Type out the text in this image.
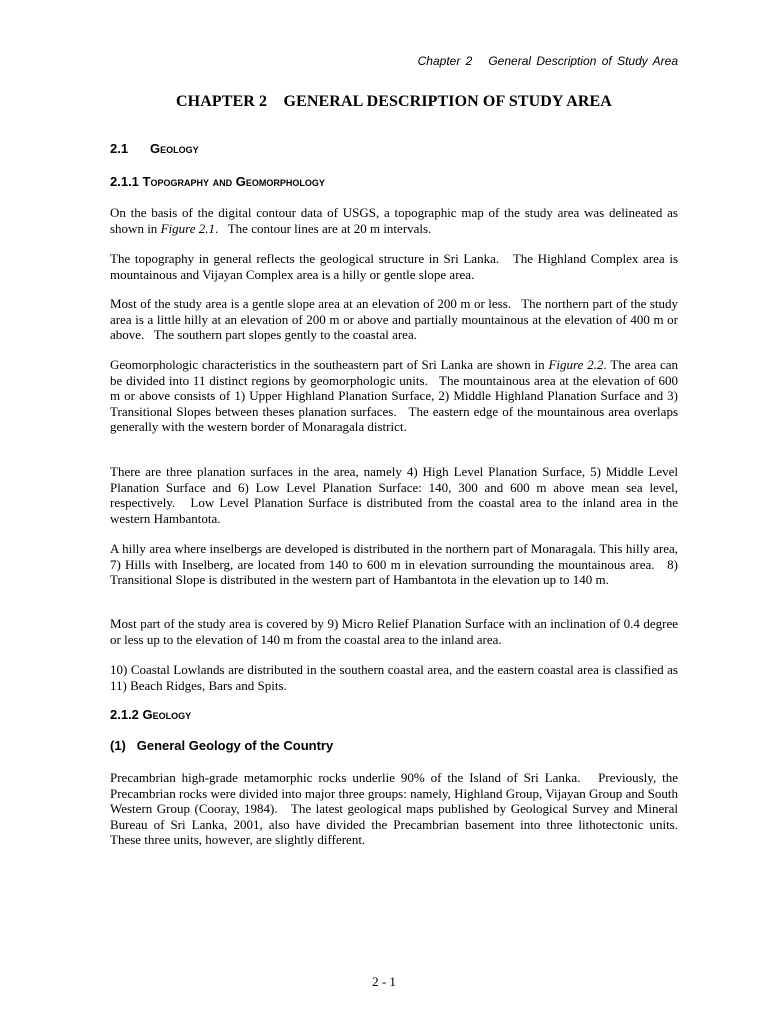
Chapter 2   General Description of Study Area
CHAPTER 2    GENERAL DESCRIPTION OF STUDY AREA
2.1 Geology
2.1.1 Topography and Geomorphology

On the basis of the digital contour data of USGS, a topographic map of the study area was delineated as shown in Figure 2.1.   The contour lines are at 20 m intervals.

The topography in general reflects the geological structure in Sri Lanka.   The Highland Complex area is mountainous and Vijayan Complex area is a hilly or gentle slope area.

Most of the study area is a gentle slope area at an elevation of 200 m or less.   The northern part of the study area is a little hilly at an elevation of 200 m or above and partially mountainous at the elevation of 400 m or above.   The southern part slopes gently to the coastal area.

Geomorphologic characteristics in the southeastern part of Sri Lanka are shown in Figure 2.2. The area can be divided into 11 distinct regions by geomorphologic units.   The mountainous area at the elevation of 600 m or above consists of 1) Upper Highland Planation Surface, 2) Middle Highland Planation Surface and 3) Transitional Slopes between theses planation surfaces.   The eastern edge of the mountainous area overlaps generally with the western border of Monaragala district.

There are three planation surfaces in the area, namely 4) High Level Planation Surface, 5) Middle Level Planation Surface and 6) Low Level Planation Surface: 140, 300 and 600 m above mean sea level, respectively.   Low Level Planation Surface is distributed from the coastal area to the inland area in the western Hambantota.

A hilly area where inselbergs are developed is distributed in the northern part of Monaragala. This hilly area, 7) Hills with Inselberg, are located from 140 to 600 m in elevation surrounding the mountainous area.   8) Transitional Slope is distributed in the western part of Hambantota in the elevation up to 140 m.

Most part of the study area is covered by 9) Micro Relief Planation Surface with an inclination of 0.4 degree or less up to the elevation of 140 m from the coastal area to the inland area.

10) Coastal Lowlands are distributed in the southern coastal area, and the eastern coastal area is classified as 11) Beach Ridges, Bars and Spits.

2.1.2 Geology
(1)   General Geology of the Country

Precambrian high-grade metamorphic rocks underlie 90% of the Island of Sri Lanka.   Previously, the Precambrian rocks were divided into major three groups: namely, Highland Group, Vijayan Group and South Western Group (Cooray, 1984).   The latest geological maps published by Geological Survey and Mineral Bureau of Sri Lanka, 2001, also have divided the Precambrian basement into three lithotectonic units.   These three units, however, are slightly different.

2 - 1
